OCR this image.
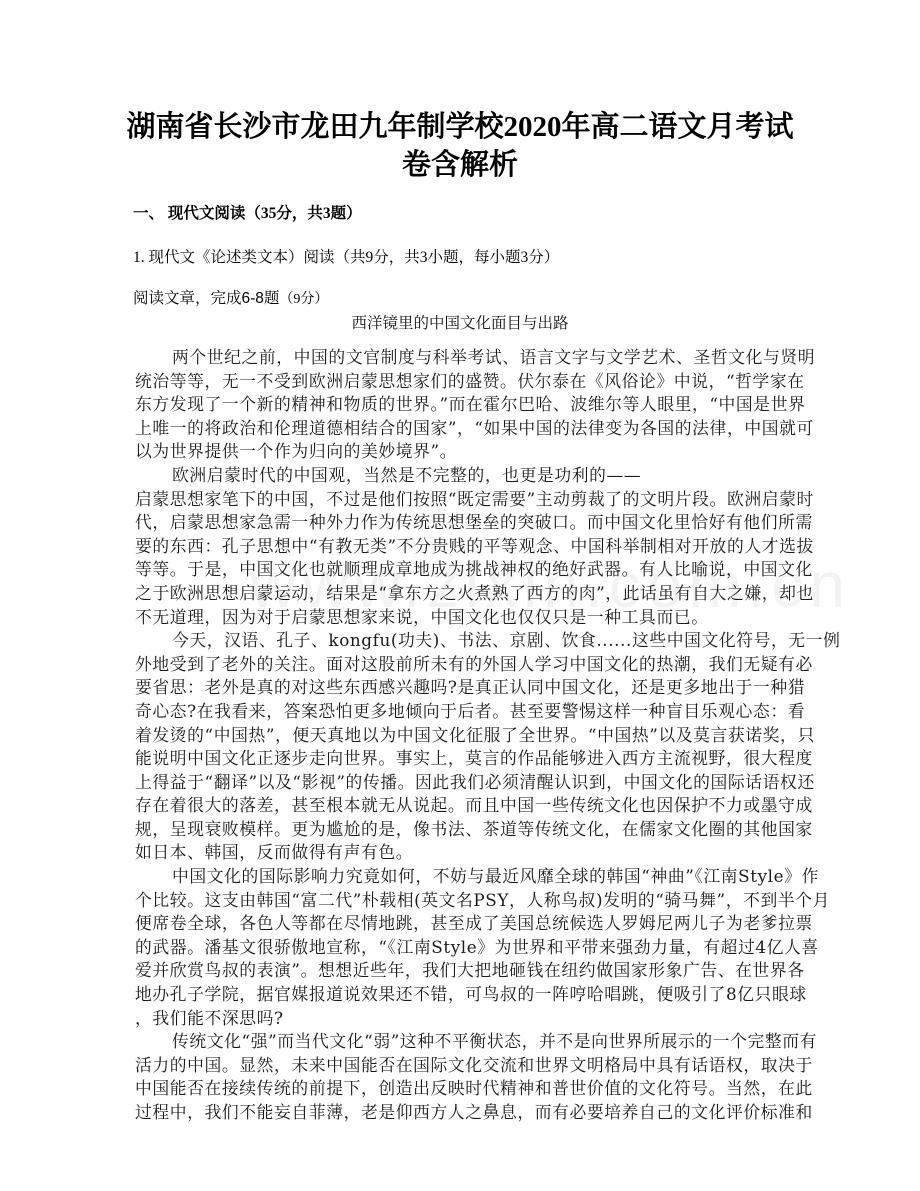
湖南省长沙市龙田九年制学校2020年高二语文月考试
卷含解析
一、 现代文阅读（35分，共3题）
1. 现代文《论述类文本）阅读（共9分，共3小题，每小题3分）
阅读文章，完成6-8题（9分）
西洋镜里的中国文化面目与出路
两个世纪之前，中国的文官制度与科举考试、语言文字与文学艺术、圣哲文化与贤明
统治等等，无一不受到欧洲启蒙思想家们的盛赞。伏尔泰在《风俗论》中说，“哲学家在
东方发现了一个新的精神和物质的世界。”而在霍尔巴哈、波维尔等人眼里，“中国是世界
上唯一的将政治和伦理道德相结合的国家”，“如果中国的法律变为各国的法律，中国就可
以为世界提供一个作为归向的美妙境界”。
欧洲启蒙时代的中国观，当然是不完整的，也更是功利的——
启蒙思想家笔下的中国，不过是他们按照“既定需要”主动剪裁了的文明片段。欧洲启蒙时
代，启蒙思想家急需一种外力作为传统思想堡垒的突破口。而中国文化里恰好有他们所需
要的东西：孔子思想中“有教无类”不分贵贱的平等观念、中国科举制相对开放的人才选拔
等等。于是，中国文化也就顺理成章地成为挑战神权的绝好武器。有人比喻说，中国文化
之于欧洲思想启蒙运动，结果是“拿东方之火煮熟了西方的肉”，此话虽有自大之嫌，却也
不无道理，因为对于启蒙思想家来说，中国文化也仅仅只是一种工具而已。
今天，汉语、孔子、kongfu(功夫)、书法、京剧、饮食......这些中国文化符号，无一例
外地受到了老外的关注。面对这股前所未有的外国人学习中国文化的热潮，我们无疑有必
要省思：老外是真的对这些东西感兴趣吗?是真正认同中国文化，还是更多地出于一种猎
奇心态?在我看来，答案恐怕更多地倾向于后者。甚至要警惕这样一种盲目乐观心态：看
着发烫的“中国热”，便天真地以为中国文化征服了全世界。“中国热”以及莫言获诺奖，只
能说明中国文化正逐步走向世界。事实上，莫言的作品能够进入西方主流视野，很大程度
上得益于“翻译”以及“影视”的传播。因此我们必须清醒认识到，中国文化的国际话语权还
存在着很大的落差，甚至根本就无从说起。而且中国一些传统文化也因保护不力或墨守成
规，呈现衰败模样。更为尴尬的是，像书法、茶道等传统文化，在儒家文化圈的其他国家
如日本、韩国，反而做得有声有色。
中国文化的国际影响力究竟如何，不妨与最近风靡全球的韩国“神曲”《江南Style》作
个比较。这支由韩国“富二代”朴载相(英文名PSY，人称鸟叔)发明的“骑马舞”，不到半个月
便席卷全球，各色人等都在尽情地跳，甚至成了美国总统候选人罗姆尼两儿子为老爹拉票
的武器。潘基文很骄傲地宣称，“《江南Style》为世界和平带来强劲力量，有超过4亿人喜
爱并欣赏鸟叔的表演”。想想近些年，我们大把地砸钱在纽约做国家形象广告、在世界各
地办孔子学院，据官媒报道说效果还不错，可鸟叔的一阵哼哈唱跳，便吸引了8亿只眼球
，我们能不深思吗?
传统文化“强”而当代文化“弱”这种不平衡状态，并不是向世界所展示的一个完整而有
活力的中国。显然，未来中国能否在国际文化交流和世界文明格局中具有话语权，取决于
中国能否在接续传统的前提下，创造出反映时代精神和普世价值的文化符号。当然，在此
过程中，我们不能妄自菲薄，老是仰西方人之鼻息，而有必要培养自己的文化评价标准和
